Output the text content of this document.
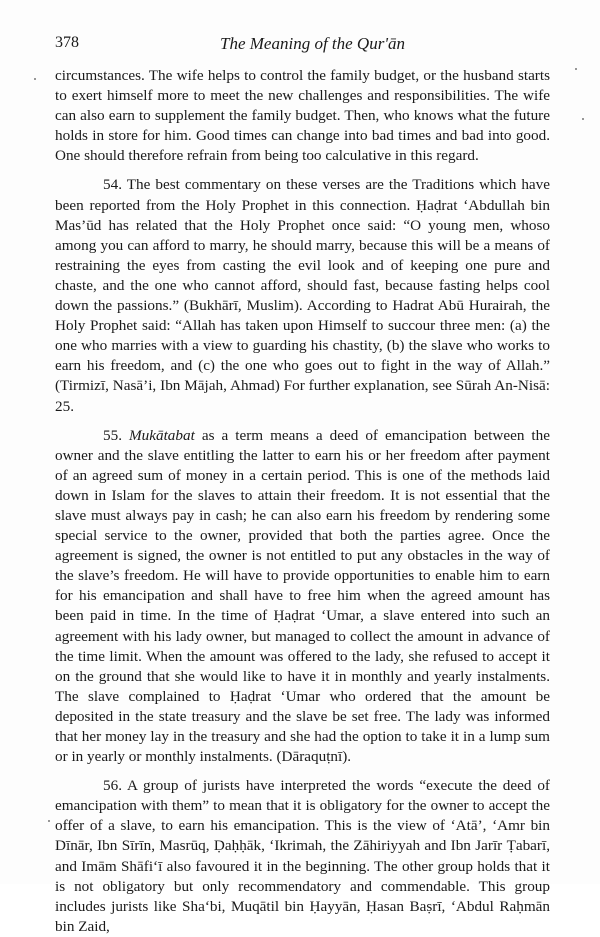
378	The Meaning of the Qur'ān

circumstances. The wife helps to control the family budget, or the husband starts to exert himself more to meet the new challenges and responsibilities. The wife can also earn to supplement the family budget. Then, who knows what the future holds in store for him. Good times can change into bad times and bad into good. One should therefore refrain from being too calculative in this regard.

54. The best commentary on these verses are the Traditions which have been reported from the Holy Prophet in this connection. Ḥaḍrat ‘Abdullah bin Mas’ūd has related that the Holy Prophet once said: “O young men, whoso among you can afford to marry, he should marry, because this will be a means of restraining the eyes from casting the evil look and of keeping one pure and chaste, and the one who cannot afford, should fast, because fasting helps cool down the passions.” (Bukhārī, Muslim). According to Hadrat Abū Hurairah, the Holy Prophet said: “Allah has taken upon Himself to succour three men: (a) the one who marries with a view to guarding his chastity, (b) the slave who works to earn his freedom, and (c) the one who goes out to fight in the way of Allah.” (Tirmizī, Nasā’i, Ibn Mājah, Ahmad) For further explanation, see Sūrah An-Nisā: 25.

55. Mukātabat as a term means a deed of emancipation between the owner and the slave entitling the latter to earn his or her freedom after payment of an agreed sum of money in a certain period. This is one of the methods laid down in Islam for the slaves to attain their freedom. It is not essential that the slave must always pay in cash; he can also earn his freedom by rendering some special service to the owner, provided that both the parties agree. Once the agreement is signed, the owner is not entitled to put any obstacles in the way of the slave’s freedom. He will have to provide opportunities to enable him to earn for his emancipation and shall have to free him when the agreed amount has been paid in time. In the time of Ḥaḍrat ‘Umar, a slave entered into such an agreement with his lady owner, but managed to collect the amount in advance of the time limit. When the amount was offered to the lady, she refused to accept it on the ground that she would like to have it in monthly and yearly instalments. The slave complained to Ḥaḍrat ‘Umar who ordered that the amount be deposited in the state treasury and the slave be set free. The lady was informed that her money lay in the treasury and she had the option to take it in a lump sum or in yearly or monthly instalments. (Dāraquṭnī).

56. A group of jurists have interpreted the words “execute the deed of emancipation with them” to mean that it is obligatory for the owner to accept the offer of a slave, to earn his emancipation. This is the view of ‘Atā’, ‘Amr bin Dīnār, Ibn Sīrīn, Masrūq, Ḍaḥḥāk, ‘Ikrimah, the Zāhiriyyah and Ibn Jarīr Ṭabarī, and Imām Shāfi‘ī also favoured it in the beginning. The other group holds that it is not obligatory but only recommendatory and commendable. This group includes jurists like Sha‘bi, Muqātil bin Ḥayyān, Ḥasan Baṣrī, ‘Abdul Raḥmān bin Zaid,
